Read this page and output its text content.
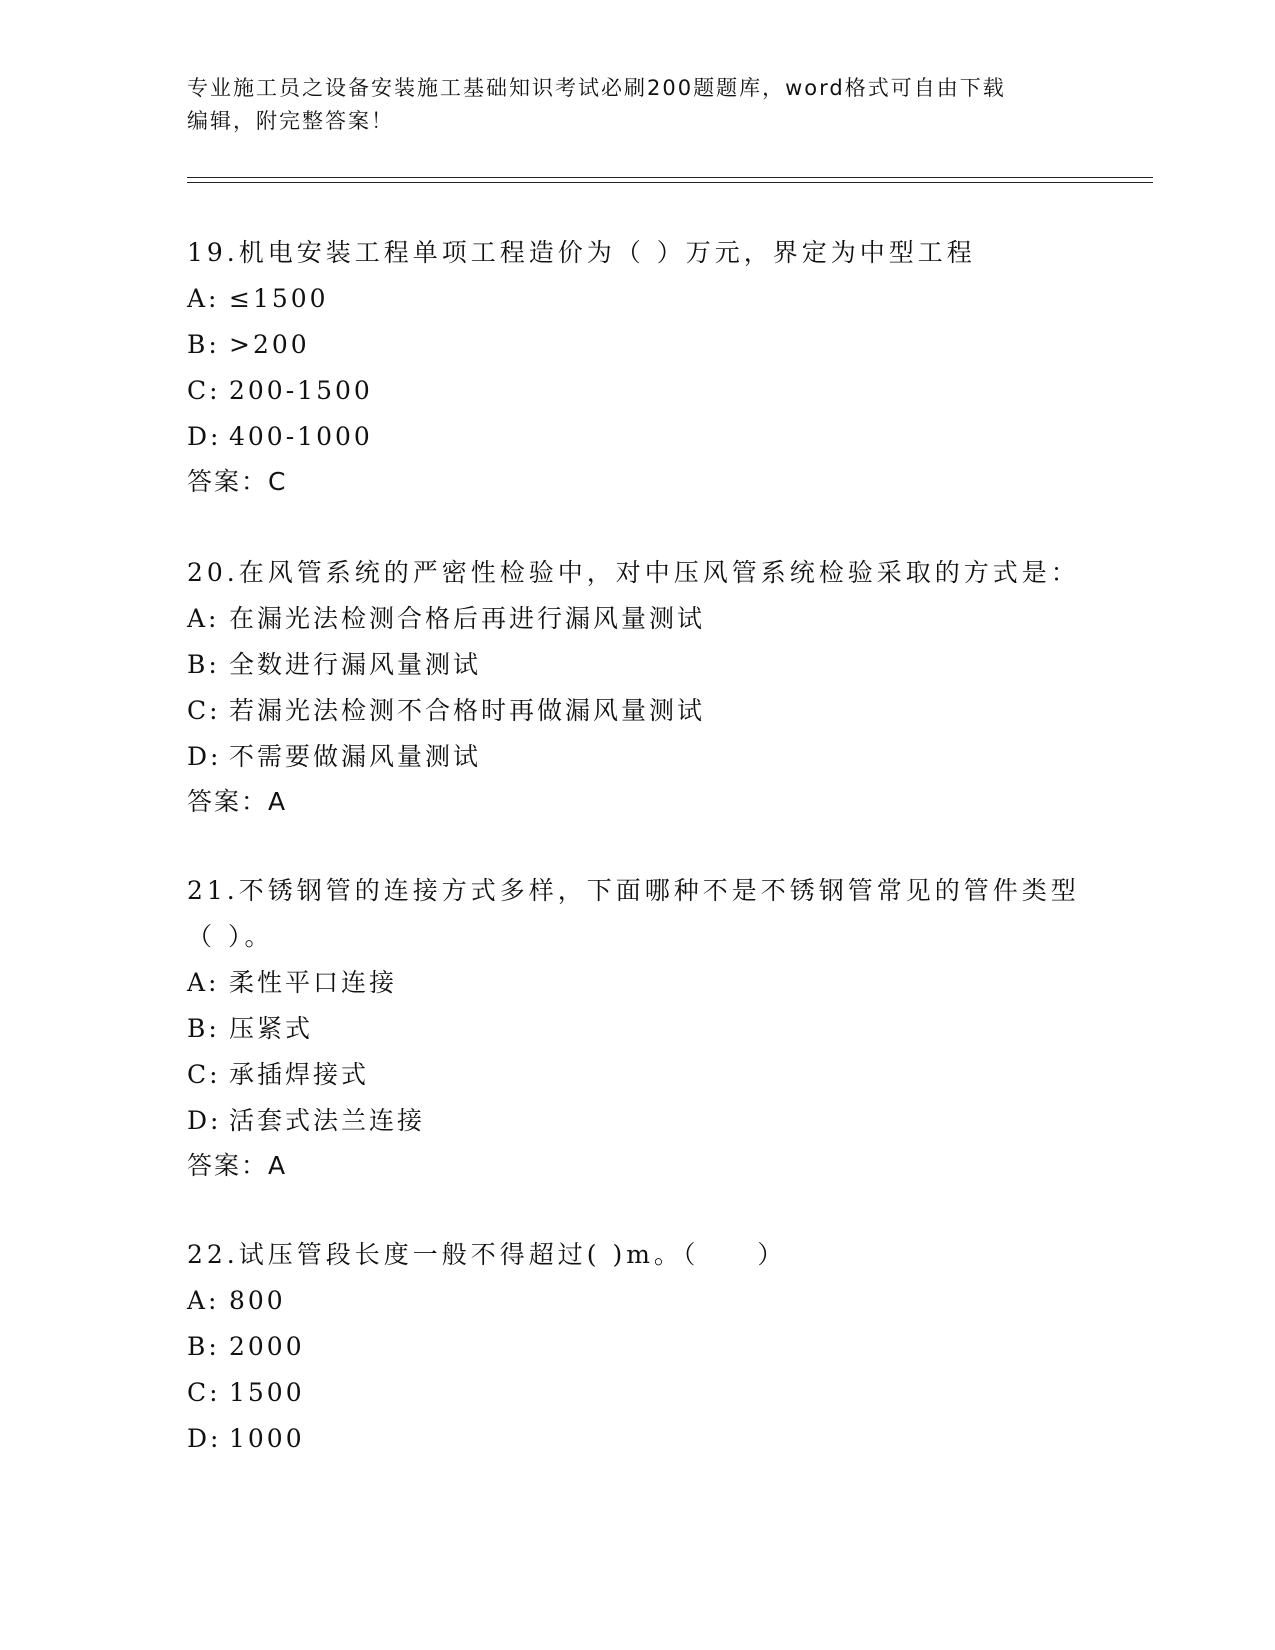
专业施工员之设备安装施工基础知识考试必刷200题题库，word格式可自由下载
编辑，附完整答案！

19.机电安装工程单项工程造价为（ ）万元，界定为中型工程

A: ≤1500

B: >200

C: 200-1500

D: 400-1000

答案：C

20.在风管系统的严密性检验中，对中压风管系统检验采取的方式是：

A: 在漏光法检测合格后再进行漏风量测试

B: 全数进行漏风量测试

C: 若漏光法检测不合格时再做漏风量测试

D: 不需要做漏风量测试

答案：A

21.不锈钢管的连接方式多样，下面哪种不是不锈钢管常见的管件类型

（ ）。

A: 柔性平口连接

B: 压紧式

C: 承插焊接式

D: 活套式法兰连接

答案：A

22.试压管段长度一般不得超过( )m。（　　）

A: 800

B: 2000

C: 1500

D: 1000
